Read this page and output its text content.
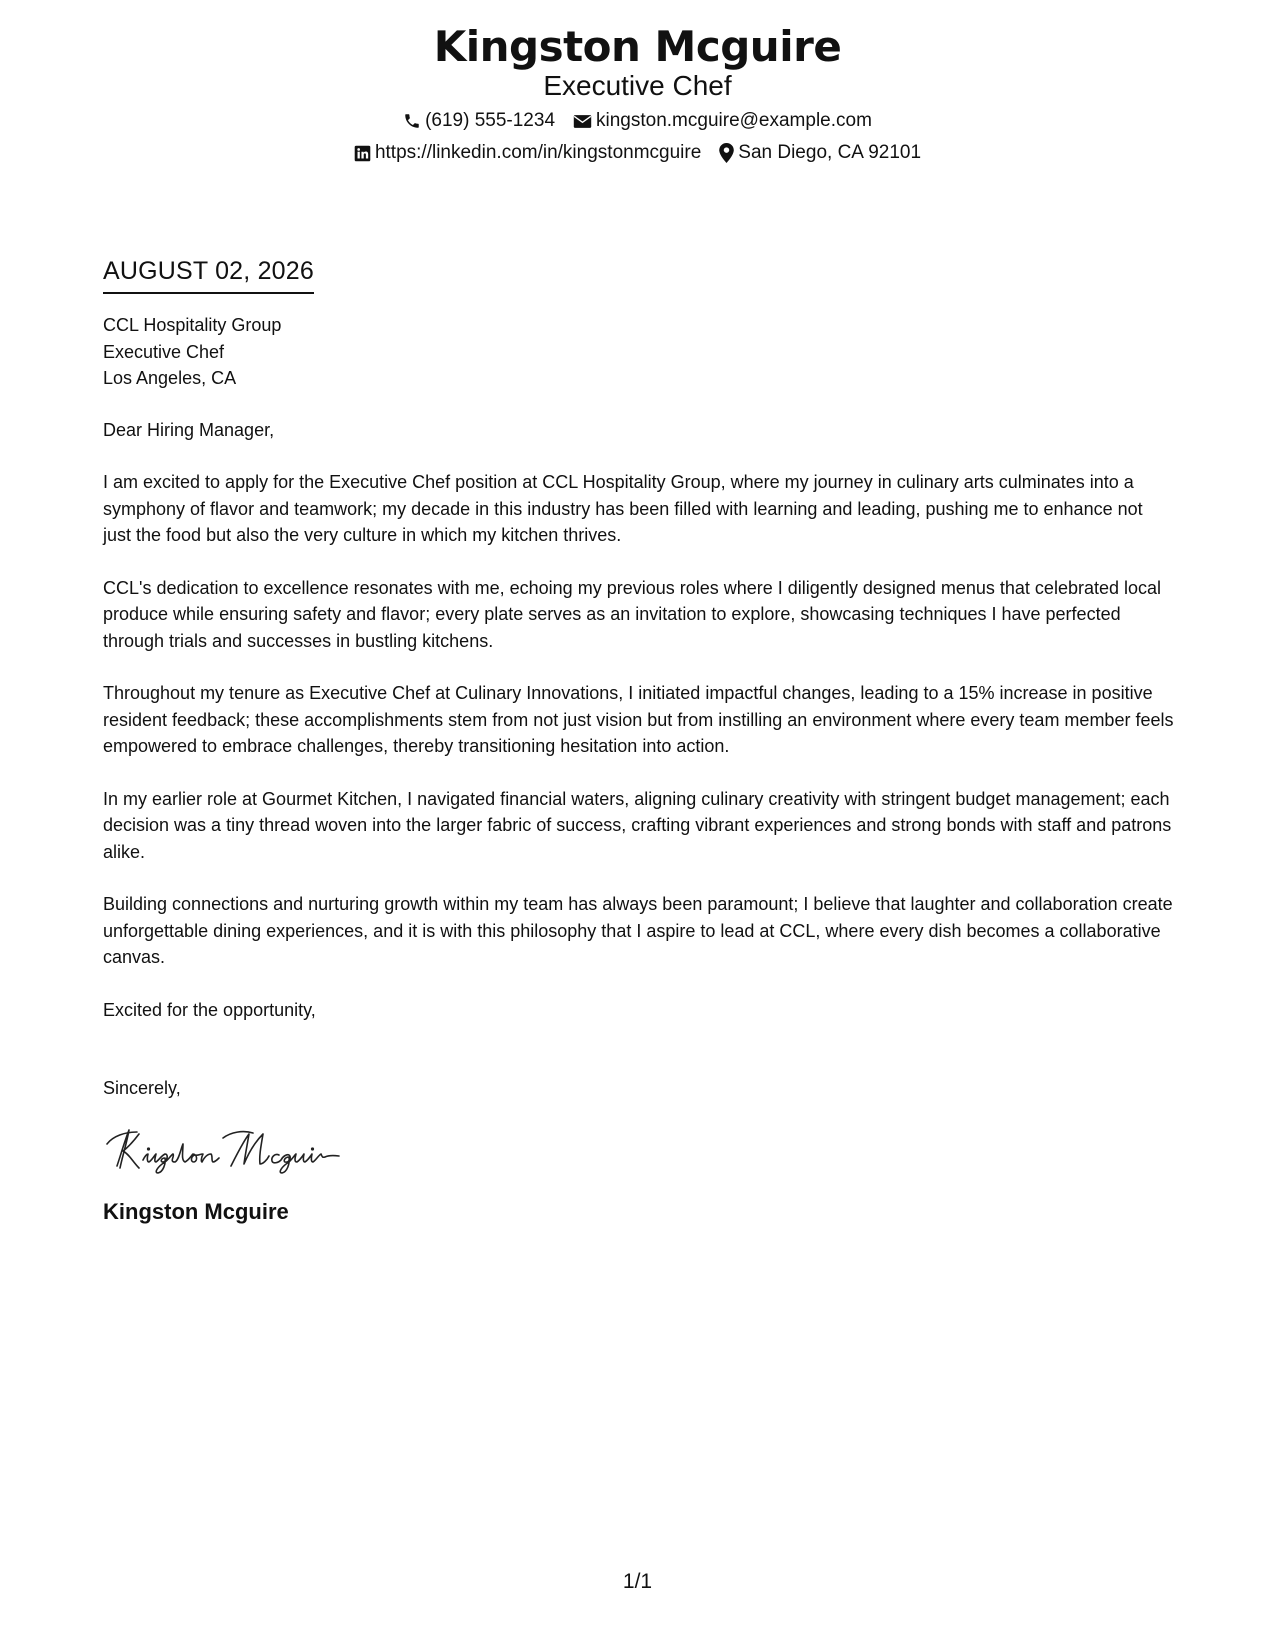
Kingston Mcguire
Executive Chef
(619) 555-1234 kingston.mcguire@example.com
https://linkedin.com/in/kingstonmcguire San Diego, CA 92101
AUGUST 02, 2026
CCL Hospitality Group
Executive Chef
Los Angeles, CA
Dear Hiring Manager,

I am excited to apply for the Executive Chef position at CCL Hospitality Group, where my journey in culinary arts culminates into a symphony of flavor and teamwork; my decade in this industry has been filled with learning and leading, pushing me to enhance not just the food but also the very culture in which my kitchen thrives.

CCL's dedication to excellence resonates with me, echoing my previous roles where I diligently designed menus that celebrated local produce while ensuring safety and flavor; every plate serves as an invitation to explore, showcasing techniques I have perfected through trials and successes in bustling kitchens.

Throughout my tenure as Executive Chef at Culinary Innovations, I initiated impactful changes, leading to a 15% increase in positive resident feedback; these accomplishments stem from not just vision but from instilling an environment where every team member feels empowered to embrace challenges, thereby transitioning hesitation into action.

In my earlier role at Gourmet Kitchen, I navigated financial waters, aligning culinary creativity with stringent budget management; each decision was a tiny thread woven into the larger fabric of success, crafting vibrant experiences and strong bonds with staff and patrons alike.

Building connections and nurturing growth within my team has always been paramount; I believe that laughter and collaboration create unforgettable dining experiences, and it is with this philosophy that I aspire to lead at CCL, where every dish becomes a collaborative canvas.

Excited for the opportunity,
Sincerely,
Kingston Mcguire
1/1
